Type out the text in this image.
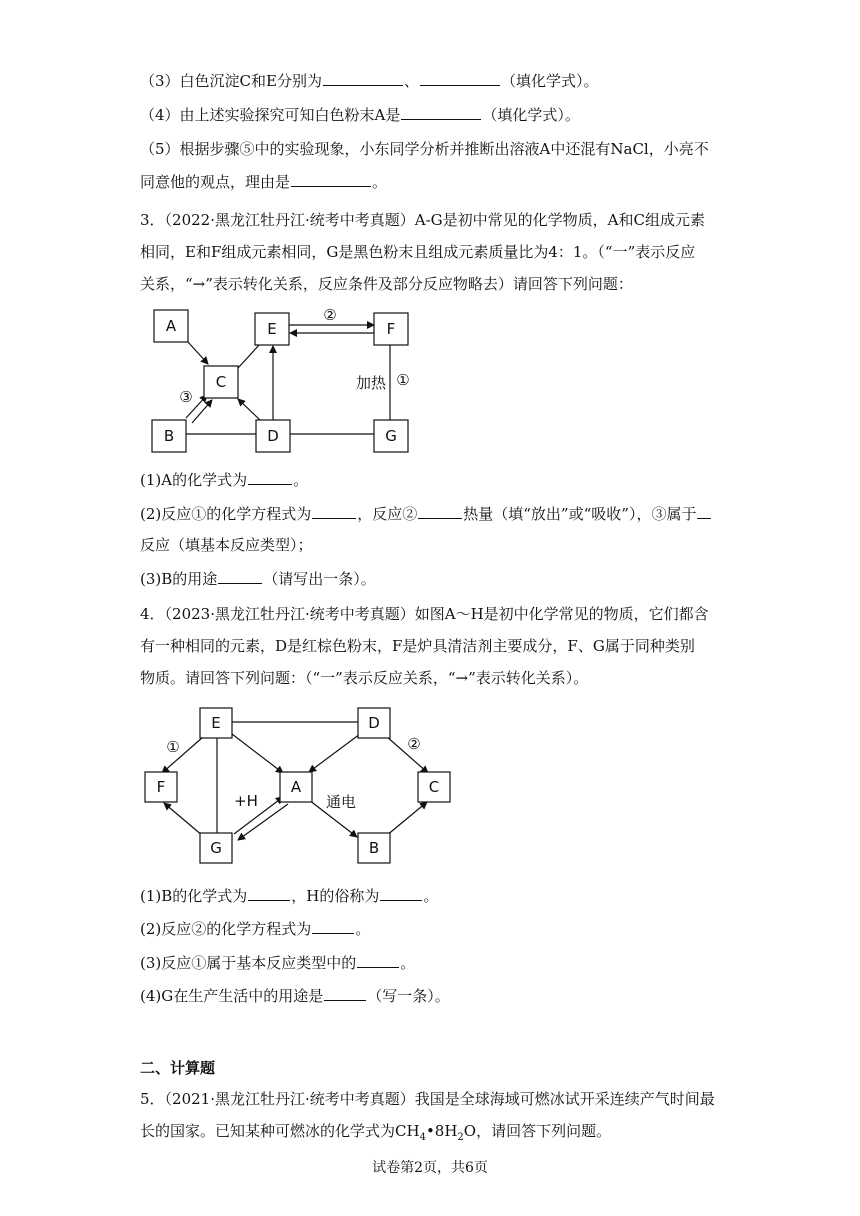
（3）白色沉淀C和E分别为	、	（填化学式）。
（4）由上述实验探究可知白色粉末A是	（填化学式）。
（5）根据步骤⑤中的实验现象，小东同学分析并推断出溶液A中还混有NaCl，小亮不
同意他的观点，理由是	。
3．（2022·黑龙江牡丹江·统考中考真题）A-G是初中常见的化学物质，A和C组成元素
相同，E和F组成元素相同，G是黑色粉末且组成元素质量比为4：1。（“一”表示反应
关系，“→”表示转化关系，反应条件及部分反应物略去）请回答下列问题：
A	E	F
C
B	D	G
②
①
加热
③
(1)A的化学式为	。
(2)反应①的化学方程式为	，反应②	热量（填“放出”或“吸收”），③属于
反应（填基本反应类型）；
(3)B的用途	（请写出一条）。
4．（2023·黑龙江牡丹江·统考中考真题）如图A～H是初中化学常见的物质，它们都含
有一种相同的元素，D是红棕色粉末，F是炉具清洁剂主要成分，F、G属于同种类别
物质。请回答下列问题：（“一”表示反应关系，“→”表示转化关系）。
E	D
F	A	C
G	B
①	②
+H	通电
(1)B的化学式为	，H的俗称为	。
(2)反应②的化学方程式为	。
(3)反应①属于基本反应类型中的	。
(4)G在生产生活中的用途是	（写一条）。
二、计算题
5．（2021·黑龙江牡丹江·统考中考真题）我国是全球海域可燃冰试开采连续产气时间最
长的国家。已知某种可燃冰的化学式为$CH_4•8H_2O$，请回答下列问题。
试卷第2页，共6页
